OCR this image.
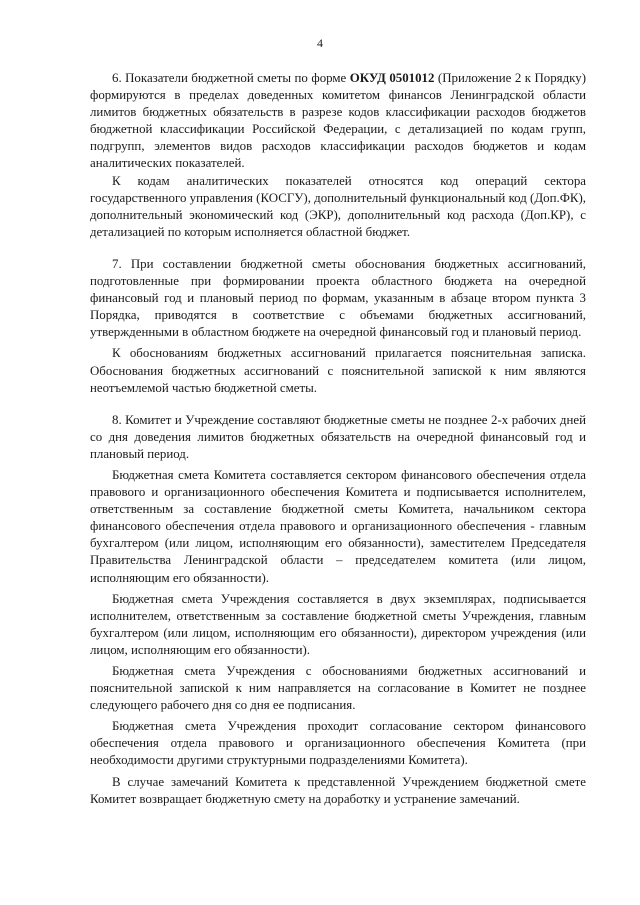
4

6. Показатели бюджетной сметы по форме ОКУД 0501012 (Приложение 2 к Порядку) формируются в пределах доведенных комитетом финансов Ленинградской области лимитов бюджетных обязательств в разрезе кодов классификации расходов бюджетов бюджетной классификации Российской Федерации, с детализацией по кодам групп, подгрупп, элементов видов расходов классификации расходов бюджетов и кодам аналитических показателей.

К кодам аналитических показателей относятся код операций сектора государственного управления (КОСГУ), дополнительный функциональный код (Доп.ФК), дополнительный экономический код (ЭКР), дополнительный код расхода (Доп.КР), с детализацией по которым исполняется областной бюджет.

7. При составлении бюджетной сметы обоснования бюджетных ассигнований, подготовленные при формировании проекта областного бюджета на очередной финансовый год и плановый период по формам, указанным в абзаце втором пункта 3 Порядка, приводятся в соответствие с объемами бюджетных ассигнований, утвержденными в областном бюджете на очередной финансовый год и плановый период.

К обоснованиям бюджетных ассигнований прилагается пояснительная записка. Обоснования бюджетных ассигнований с пояснительной запиской к ним являются неотъемлемой частью бюджетной сметы.

8. Комитет и Учреждение составляют бюджетные сметы не позднее 2-х рабочих дней со дня доведения лимитов бюджетных обязательств на очередной финансовый год и плановый период.

Бюджетная смета Комитета составляется сектором финансового обеспечения отдела правового и организационного обеспечения Комитета и подписывается исполнителем, ответственным за составление бюджетной сметы Комитета, начальником сектора финансового обеспечения отдела правового и организационного обеспечения - главным бухгалтером (или лицом, исполняющим его обязанности), заместителем Председателя Правительства Ленинградской области – председателем комитета (или лицом, исполняющим его обязанности).

Бюджетная смета Учреждения составляется в двух экземплярах, подписывается исполнителем, ответственным за составление бюджетной сметы Учреждения, главным бухгалтером (или лицом, исполняющим его обязанности), директором учреждения (или лицом, исполняющим его обязанности).

Бюджетная смета Учреждения с обоснованиями бюджетных ассигнований и пояснительной запиской к ним направляется на согласование в Комитет не позднее следующего рабочего дня со дня ее подписания.

Бюджетная смета Учреждения проходит согласование сектором финансового обеспечения отдела правового и организационного обеспечения Комитета (при необходимости другими структурными подразделениями Комитета).

В случае замечаний Комитета к представленной Учреждением бюджетной смете Комитет возвращает бюджетную смету на доработку и устранение замечаний.
